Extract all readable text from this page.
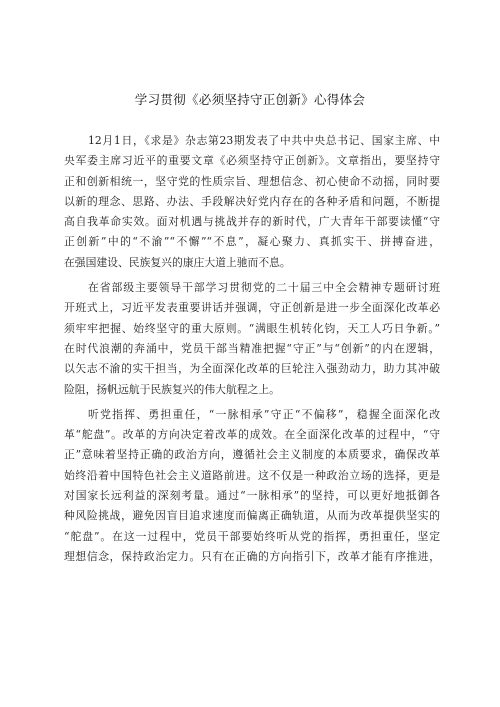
学习贯彻《必须坚持守正创新》心得体会
12月1日，《求是》杂志第23期发表了中共中央总书记、国家主席、中
央军委主席习近平的重要文章《必须坚持守正创新》。文章指出，要坚持守
正和创新相统一，坚守党的性质宗旨、理想信念、初心使命不动摇，同时要
以新的理念、思路、办法、手段解决好党内存在的各种矛盾和问题，不断提
高自我革命实效。面对机遇与挑战并存的新时代，广大青年干部要读懂“守
正创新”中的“不渝”“不懈”“不息”，凝心聚力、真抓实干、拼搏奋进，
在强国建设、民族复兴的康庄大道上驰而不息。
在省部级主要领导干部学习贯彻党的二十届三中全会精神专题研讨班
开班式上，习近平发表重要讲话并强调，守正创新是进一步全面深化改革必
须牢牢把握、始终坚守的重大原则。“满眼生机转化钧，天工人巧日争新。”
在时代浪潮的奔涌中，党员干部当精准把握“守正”与“创新”的内在逻辑，
以矢志不渝的实干担当，为全面深化改革的巨轮注入强劲动力，助力其冲破
险阻，扬帆远航于民族复兴的伟大航程之上。
听党指挥、勇担重任，“一脉相承”守正“不偏移”，稳握全面深化改
革“舵盘”。改革的方向决定着改革的成效。在全面深化改革的过程中，“守
正”意味着坚持正确的政治方向，遵循社会主义制度的本质要求，确保改革
始终沿着中国特色社会主义道路前进。这不仅是一种政治立场的选择，更是
对国家长远利益的深刻考量。通过“一脉相承”的坚持，可以更好地抵御各
种风险挑战，避免因盲目追求速度而偏离正确轨道，从而为改革提供坚实的
“舵盘”。在这一过程中，党员干部要始终听从党的指挥，勇担重任，坚定
理想信念，保持政治定力。只有在正确的方向指引下，改革才能有序推进，
